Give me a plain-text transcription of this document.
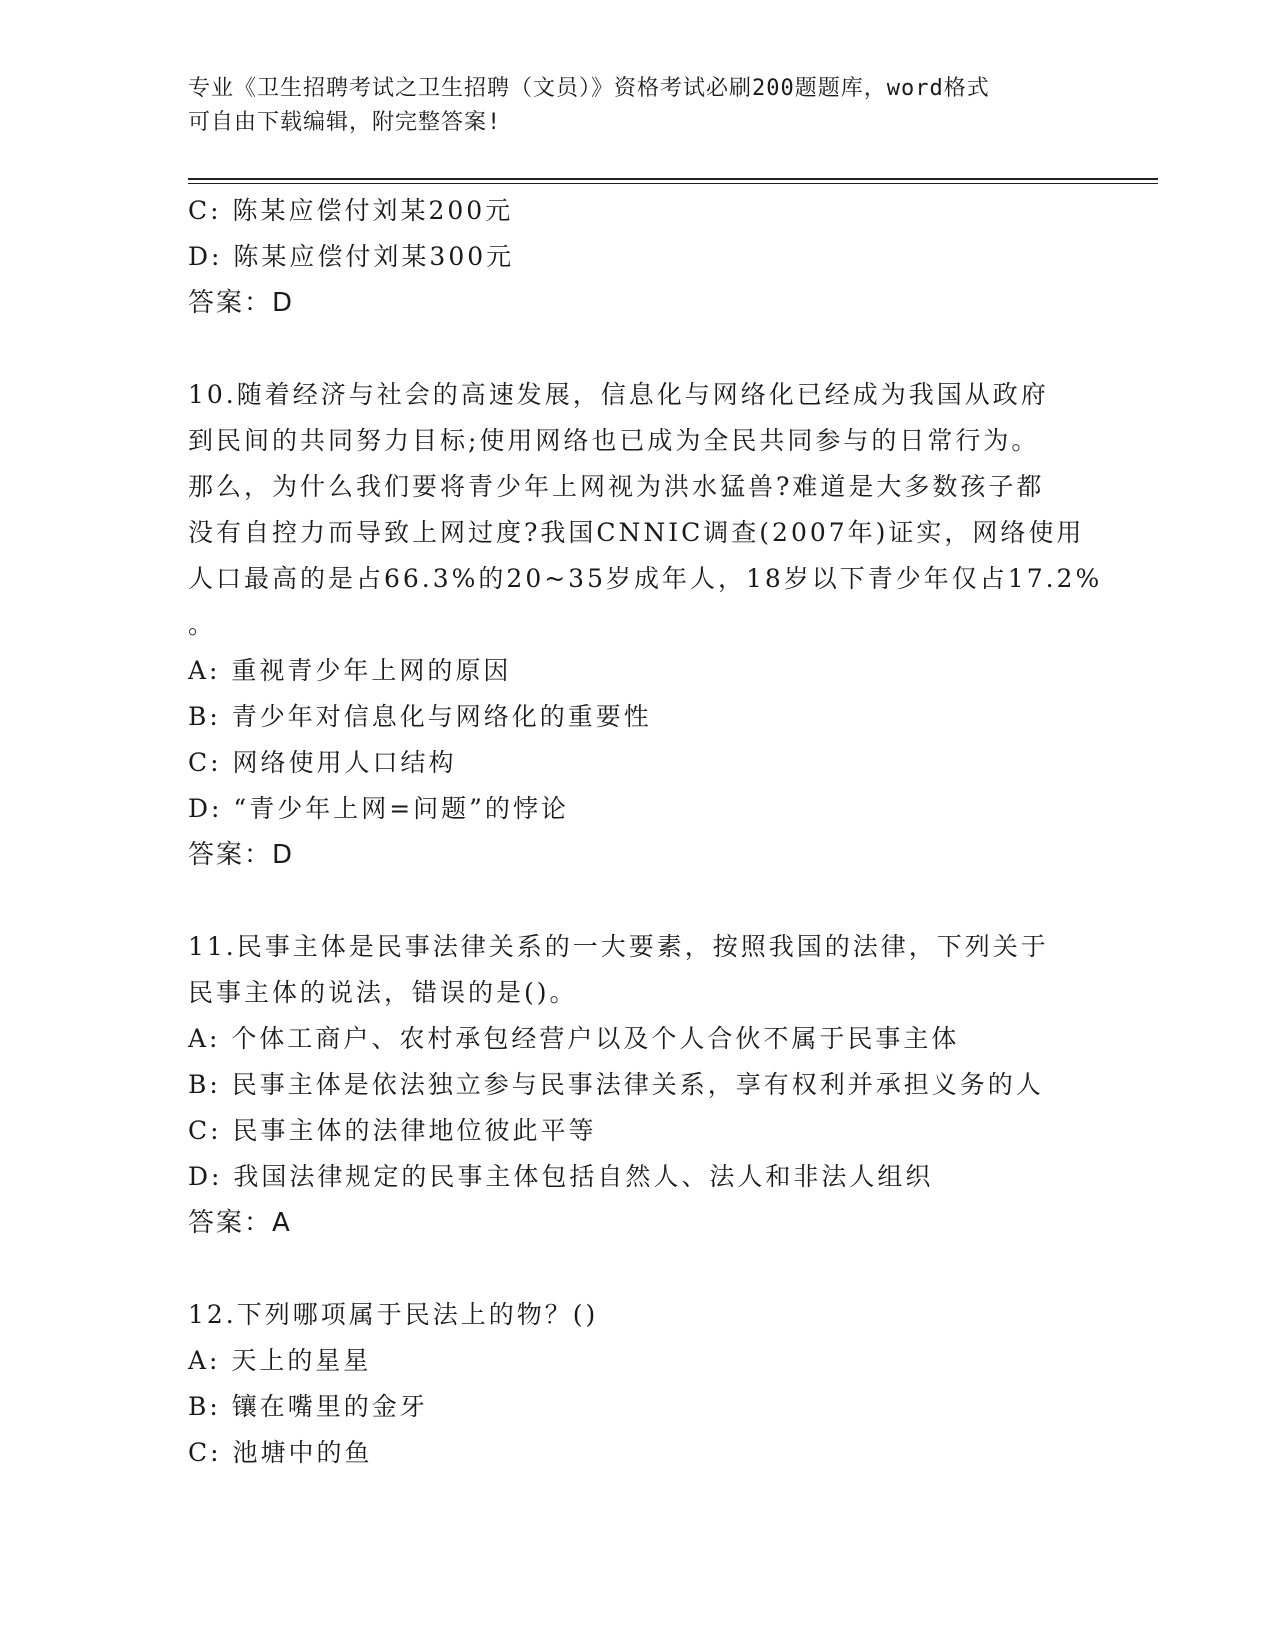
专业《卫生招聘考试之卫生招聘（文员）》资格考试必刷200题题库，word格式
可自由下载编辑，附完整答案!
C: 陈某应偿付刘某200元
D: 陈某应偿付刘某300元
答案：D
10.随着经济与社会的高速发展，信息化与网络化已经成为我国从政府
到民间的共同努力目标;使用网络也已成为全民共同参与的日常行为。
那么，为什么我们要将青少年上网视为洪水猛兽?难道是大多数孩子都
没有自控力而导致上网过度?我国CNNIC调查(2007年)证实，网络使用
人口最高的是占66.3%的20~35岁成年人，18岁以下青少年仅占17.2%
。
A: 重视青少年上网的原因
B: 青少年对信息化与网络化的重要性
C: 网络使用人口结构
D: “青少年上网=问题”的悖论
答案：D
11.民事主体是民事法律关系的一大要素，按照我国的法律，下列关于
民事主体的说法，错误的是()。
A: 个体工商户、农村承包经营户以及个人合伙不属于民事主体
B: 民事主体是依法独立参与民事法律关系，享有权利并承担义务的人
C: 民事主体的法律地位彼此平等
D: 我国法律规定的民事主体包括自然人、法人和非法人组织
答案：A
12.下列哪项属于民法上的物？()
A: 天上的星星
B: 镶在嘴里的金牙
C: 池塘中的鱼
